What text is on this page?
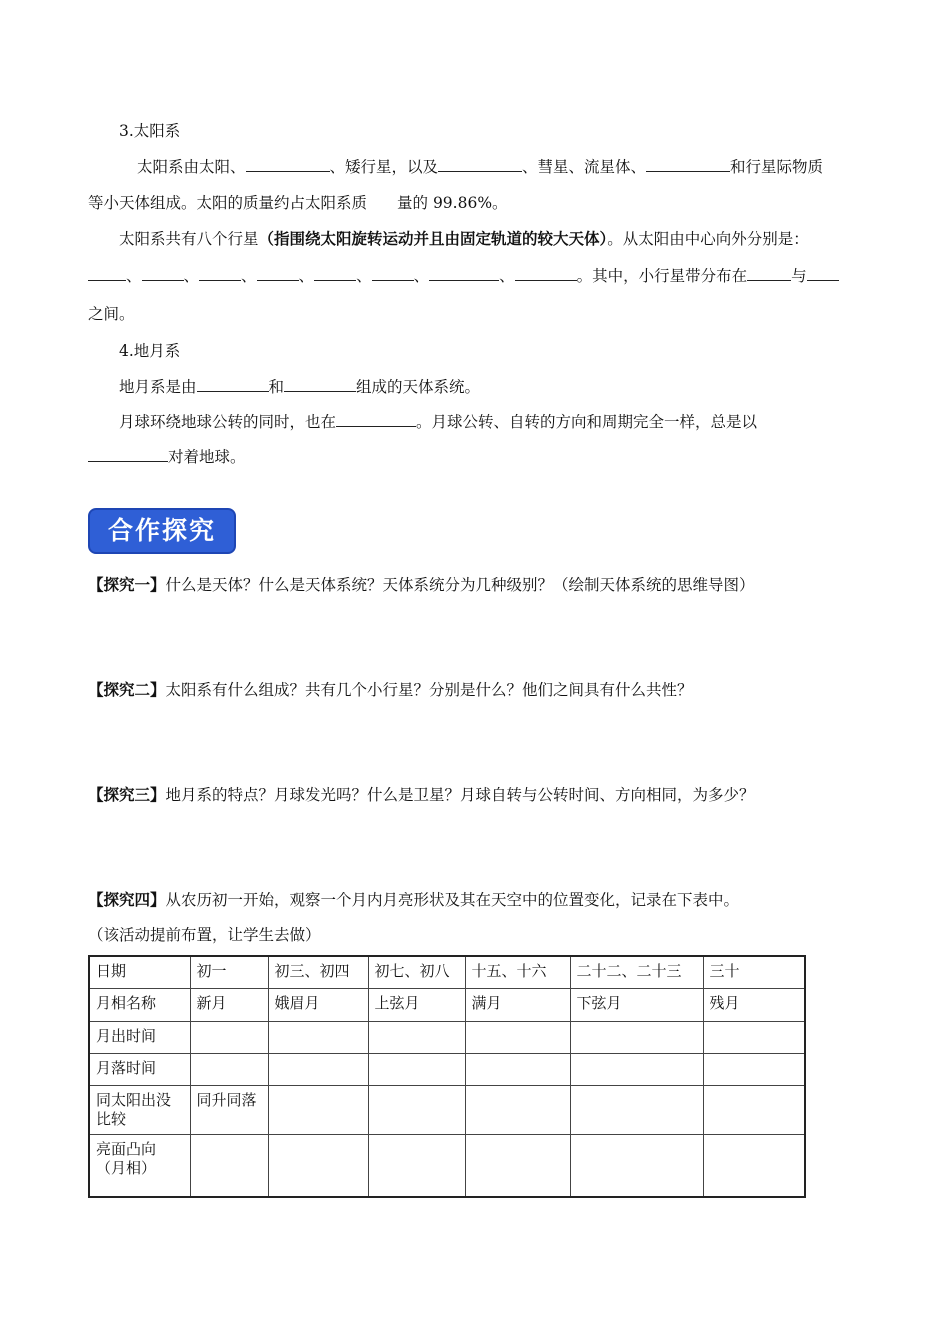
3.太阳系
太阳系由太阳、	、矮行星，以及	、彗星、流星体、	和行星际物质
等小天体组成。太阳的质量约占太阳系质 量的 99.86%。
太阳系共有八个行星（指围绕太阳旋转运动并且由固定轨道的较大天体）。从太阳由中心向外分别是：
、	、	、	、	、	、	、	。其中，小行星带分布在	与
之间。
4.地月系
地月系是由	和	组成的天体系统。
月球环绕地球公转的同时，也在	。月球公转、自转的方向和周期完全一样，总是以
对着地球。
合作探究
【探究一】什么是天体？什么是天体系统？天体系统分为几种级别？（绘制天体系统的思维导图）
【探究二】太阳系有什么组成？共有几个小行星？分别是什么？他们之间具有什么共性？
【探究三】地月系的特点？月球发光吗？什么是卫星？月球自转与公转时间、方向相同，为多少？
【探究四】从农历初一开始，观察一个月内月亮形状及其在天空中的位置变化，记录在下表中。
（该活动提前布置，让学生去做）
日期	初一	初三、初四	初七、初八	十五、十六	二十二、二十三	三十
月相名称	新月	娥眉月	上弦月	满月	下弦月	残月
月出时间						
月落时间						
同太阳出没比较	同升同落					
亮面凸向（月相）						
